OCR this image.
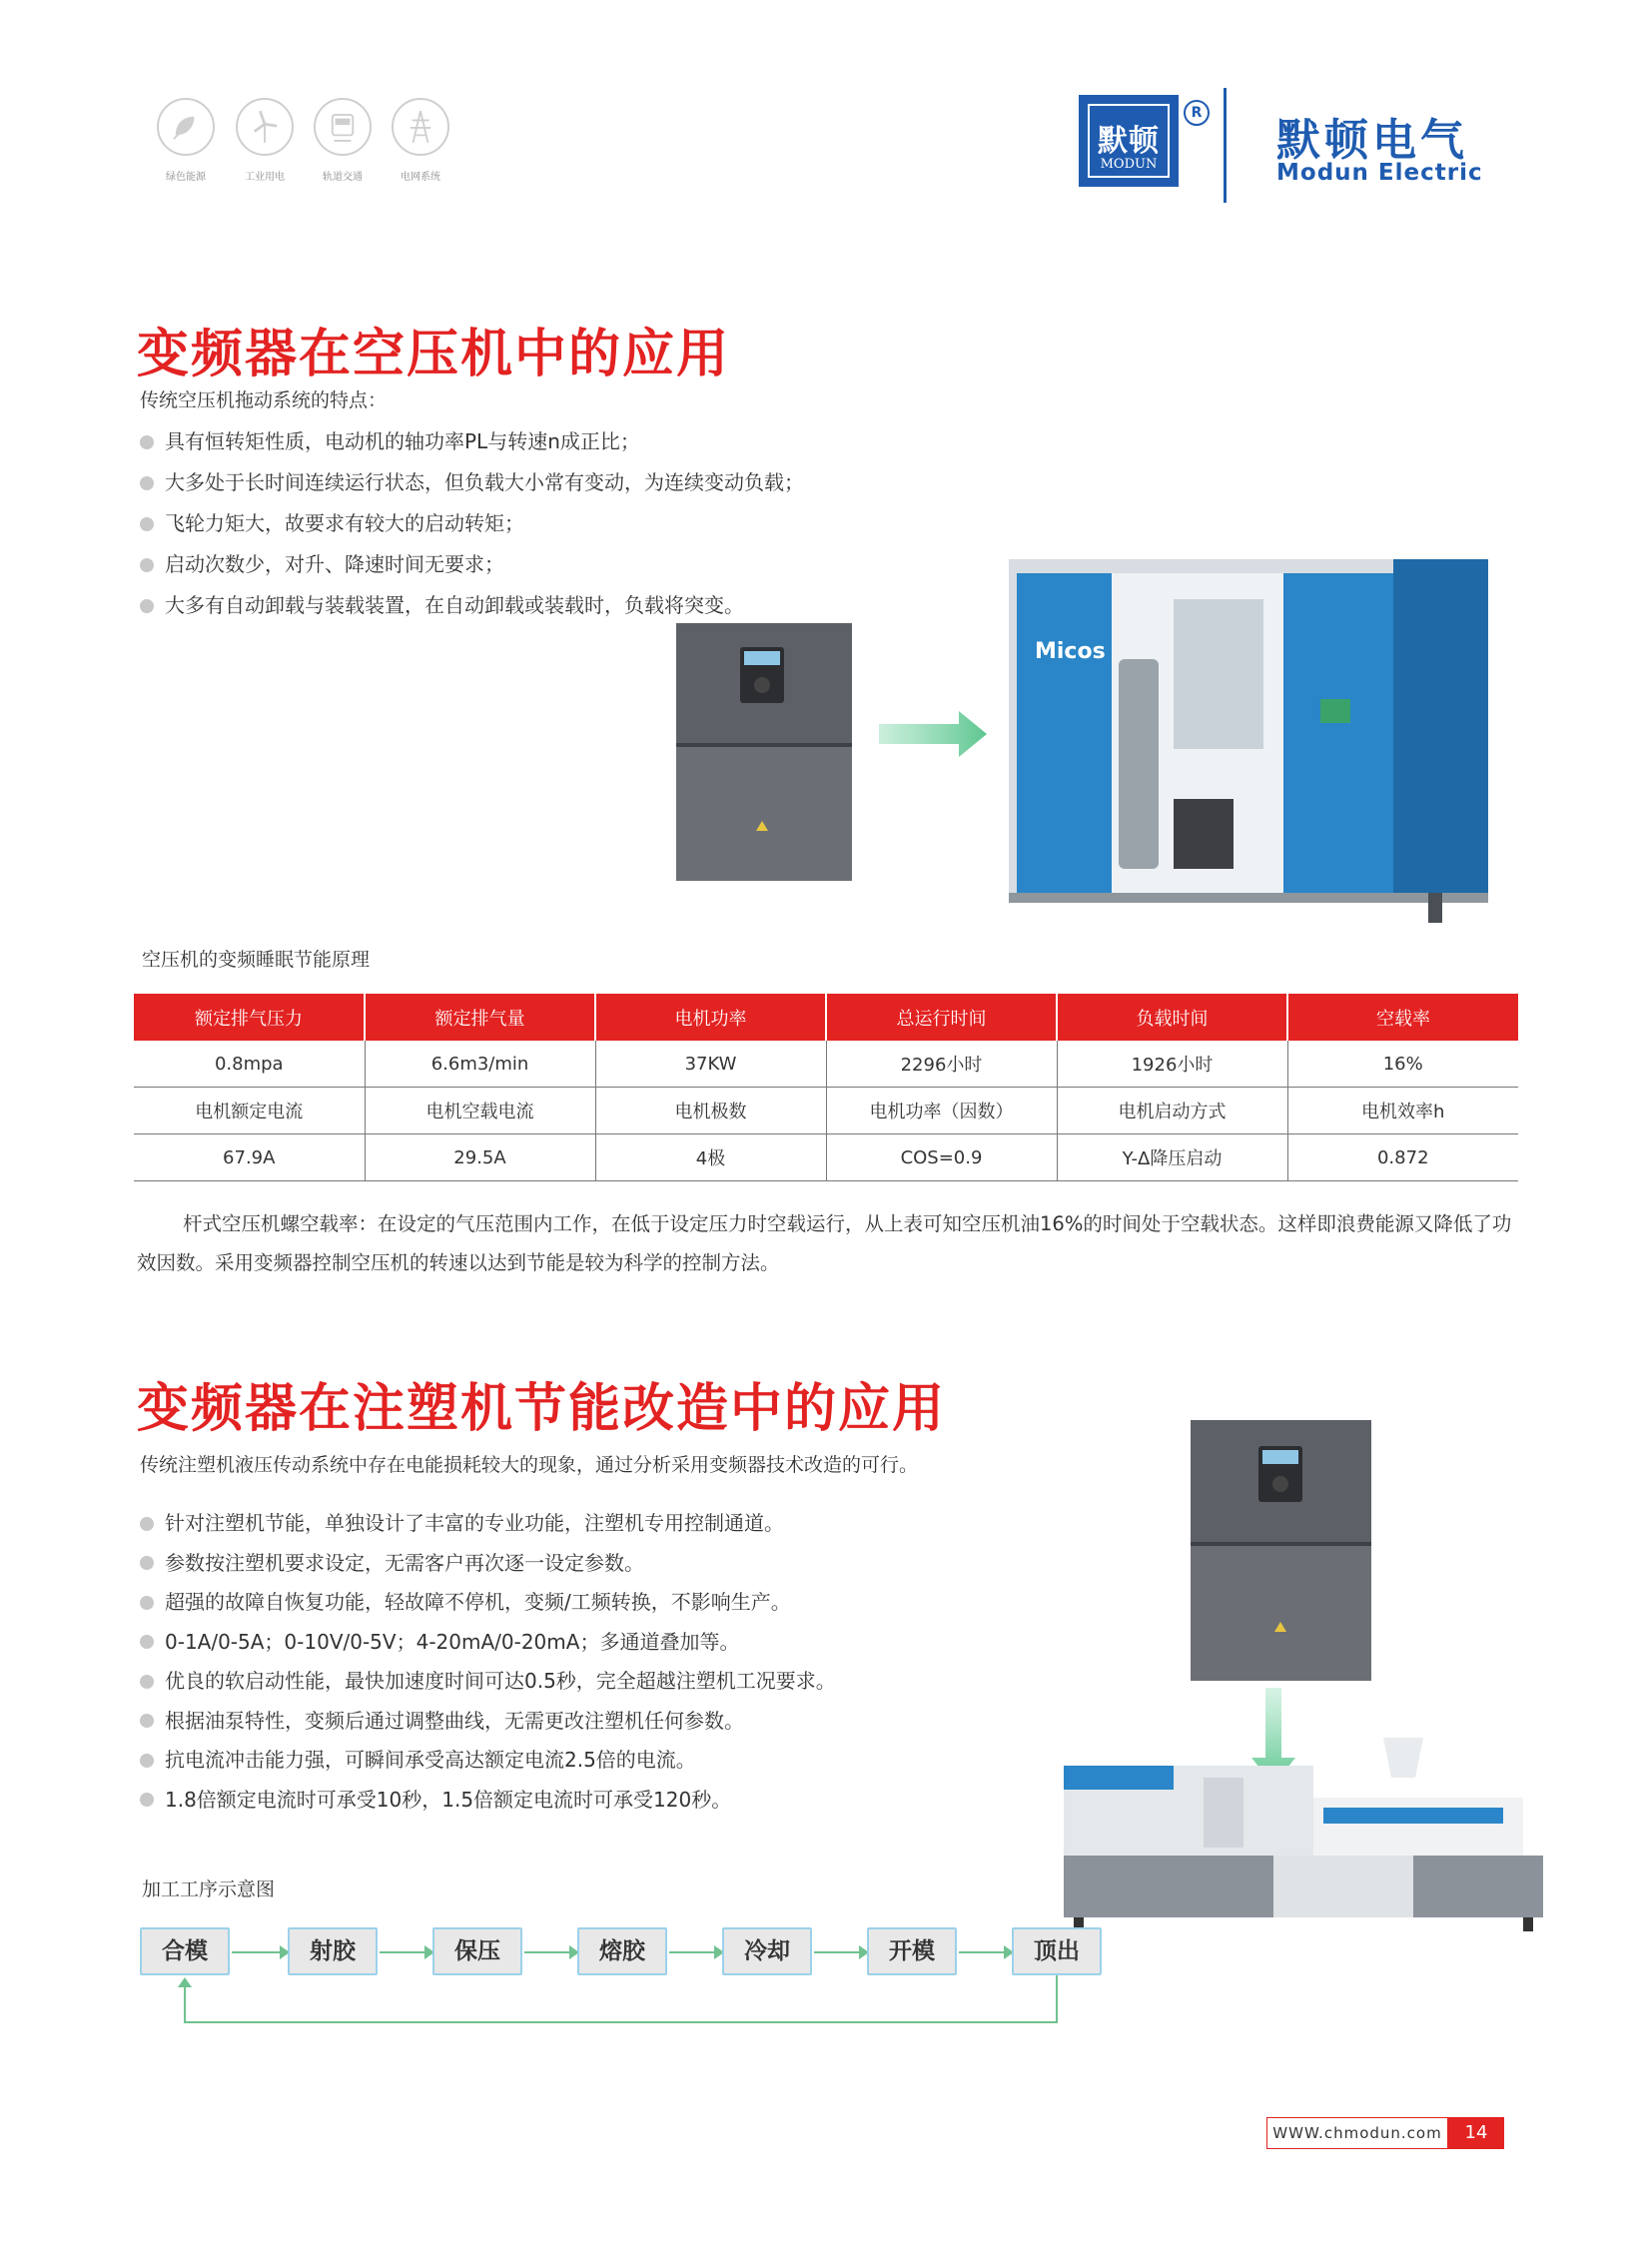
绿色能源	工业用电	轨道交通	电网系统
默顿
MODUN
R
默顿电气
Modun Electric
变频器在空压机中的应用
传统空压机拖动系统的特点：
具有恒转矩性质，电动机的轴功率PL与转速n成正比；
大多处于长时间连续运行状态，但负载大小常有变动，为连续变动负载；
飞轮力矩大，故要求有较大的启动转矩；
启动次数少，对升、降速时间无要求；
大多有自动卸载与装载装置，在自动卸载或装载时，负载将突变。
Micos
空压机的变频睡眠节能原理
额定排气压力	额定排气量	电机功率	总运行时间	负载时间	空载率
0.8mpa	6.6m3/min	37KW	2296小时	1926小时	16%
电机额定电流	电机空载电流	电机极数	电机功率（因数）	电机启动方式	电机效率h
67.9A	29.5A	4极	COS=0.9	Y-Δ降压启动	0.872

杆式空压机螺空载率：在设定的气压范围内工作，在低于设定压力时空载运行，从上表可知空压机油16%的时间处于空载状态。这样即浪费能源又降低了功效因数。采用变频器控制空压机的转速以达到节能是较为科学的控制方法。

变频器在注塑机节能改造中的应用
传统注塑机液压传动系统中存在电能损耗较大的现象，通过分析采用变频器技术改造的可行。
针对注塑机节能，单独设计了丰富的专业功能，注塑机专用控制通道。
参数按注塑机要求设定，无需客户再次逐一设定参数。
超强的故障自恢复功能，轻故障不停机，变频/工频转换，不影响生产。
0-1A/0-5A；0-10V/0-5V；4-20mA/0-20mA；多通道叠加等。
优良的软启动性能，最快加速度时间可达0.5秒，完全超越注塑机工况要求。
根据油泵特性，变频后通过调整曲线，无需更改注塑机任何参数。
抗电流冲击能力强，可瞬间承受高达额定电流2.5倍的电流。
1.8倍额定电流时可承受10秒，1.5倍额定电流时可承受120秒。
加工工序示意图
合模	射胶	保压	熔胶	冷却	开模	顶出
WWW.chmodun.com	14
